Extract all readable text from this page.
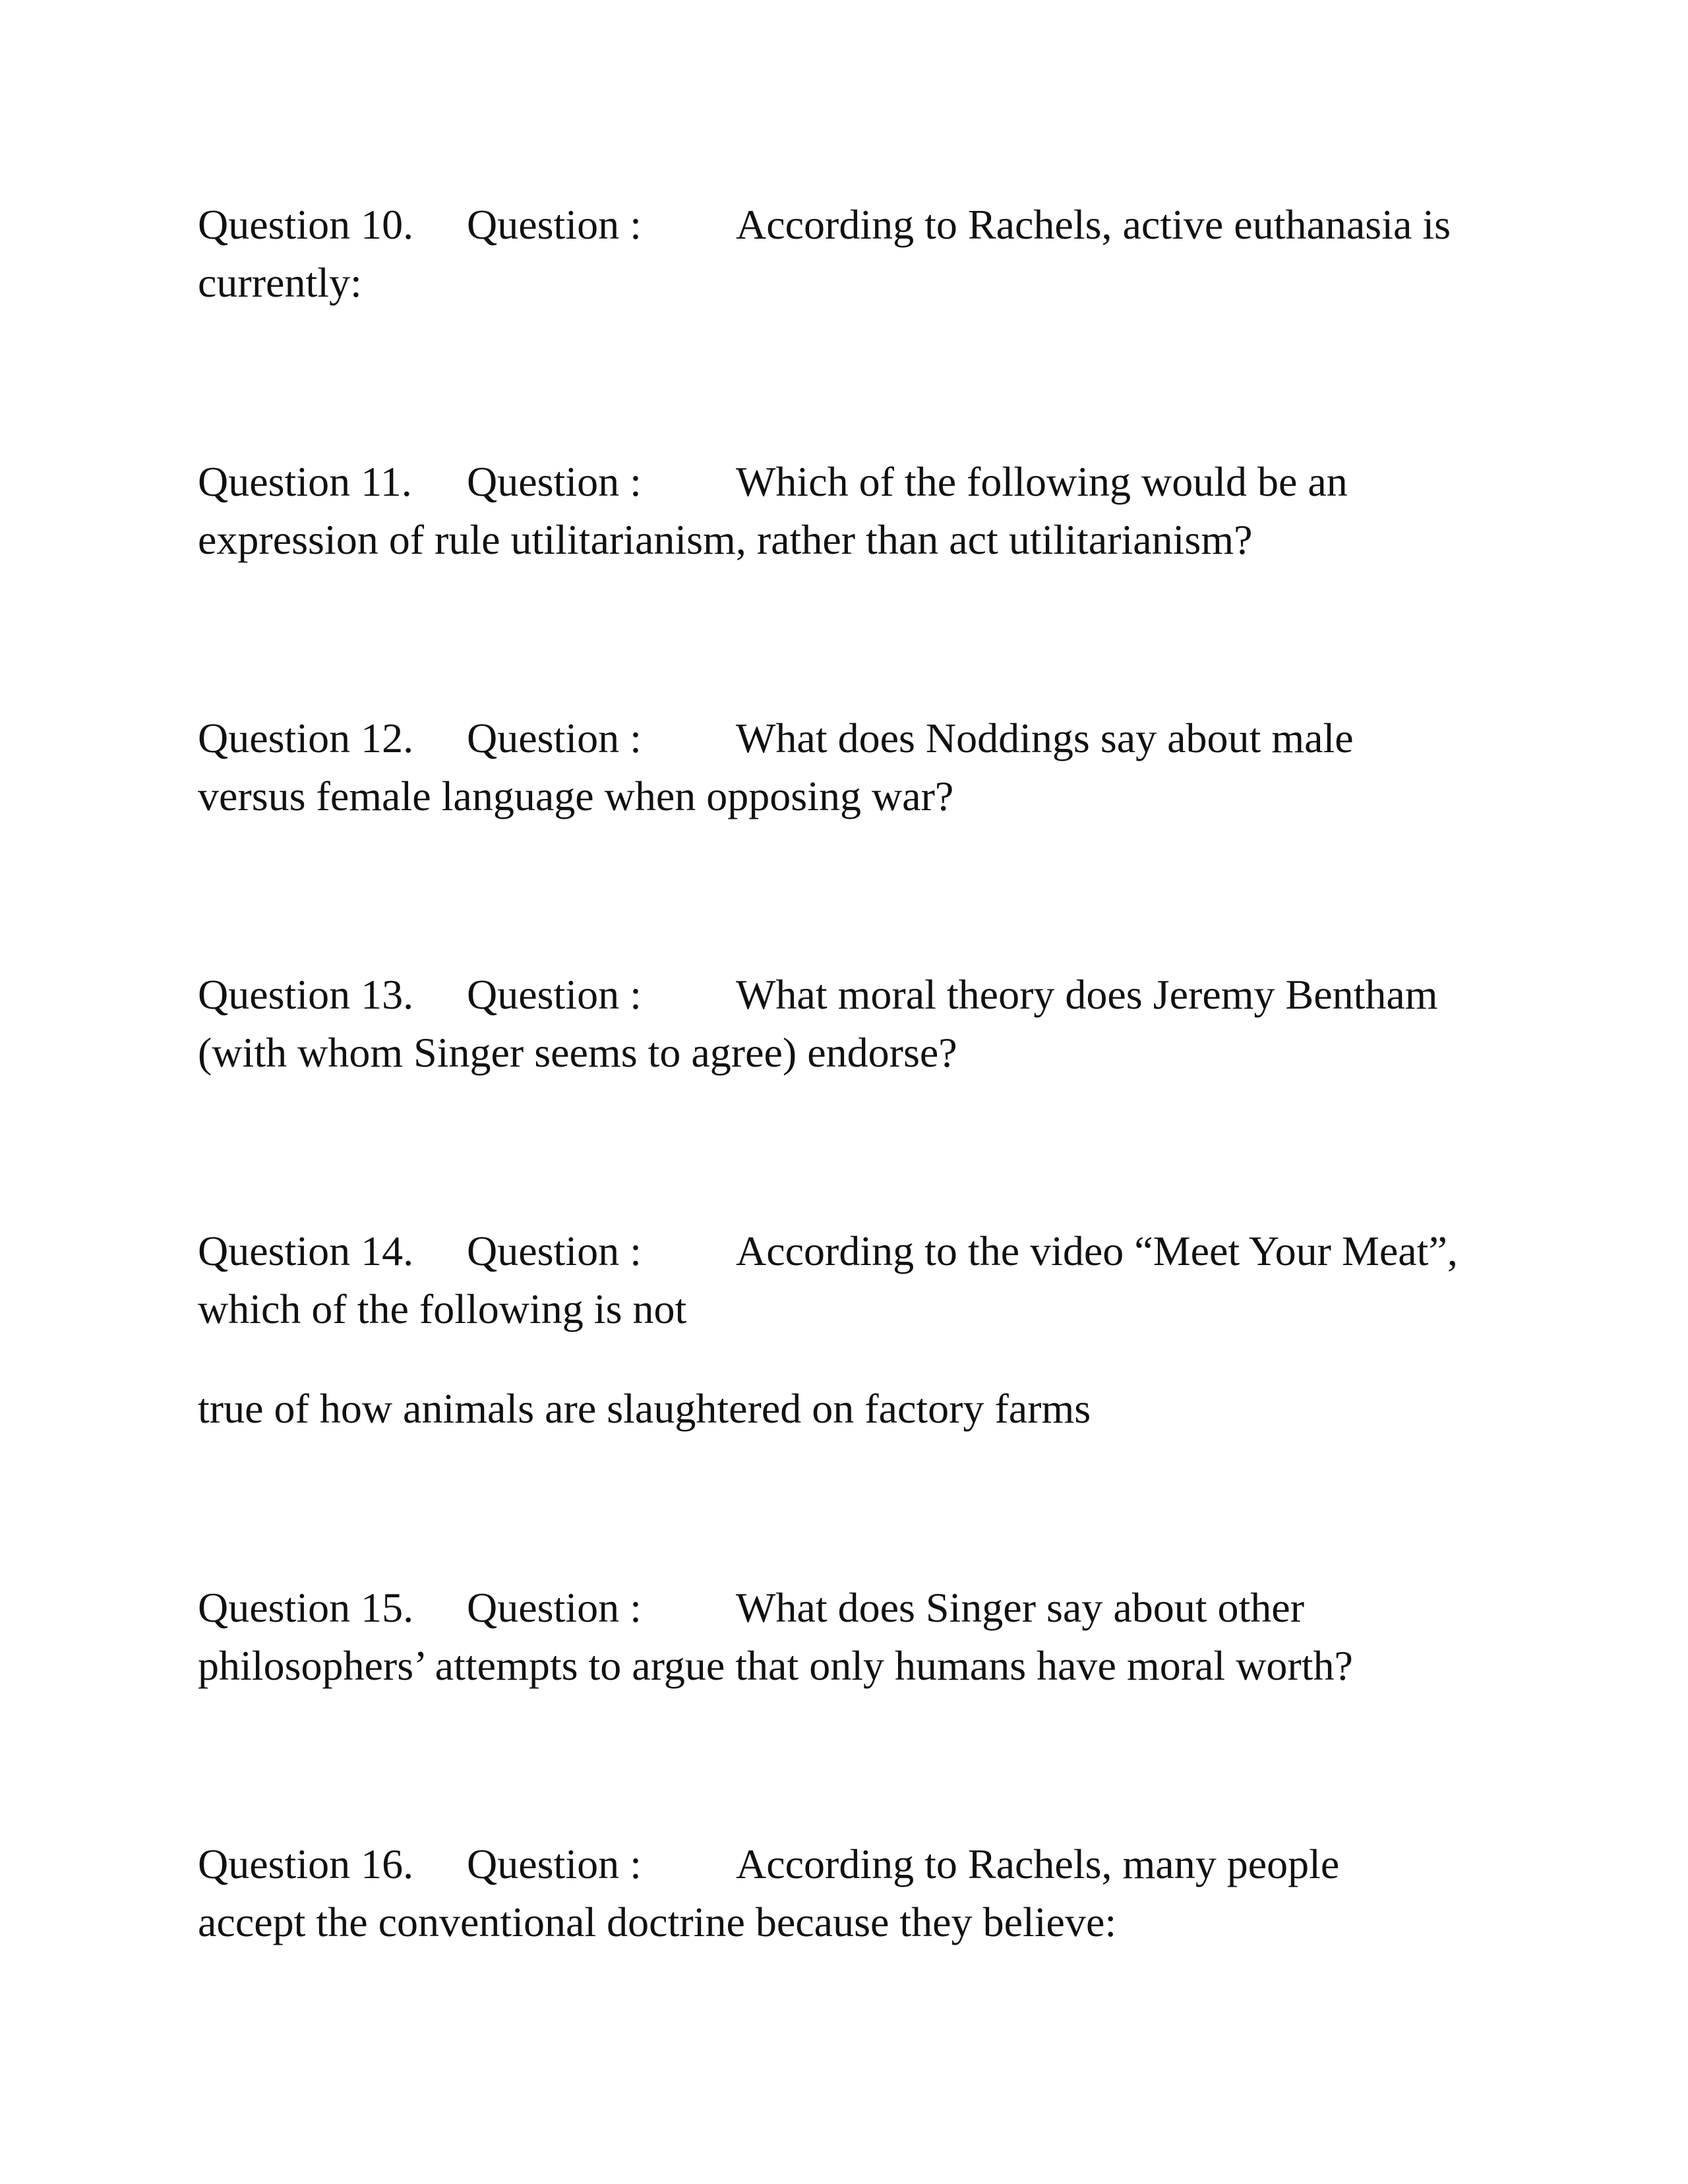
Question 10. Question : According to Rachels, active euthanasia is
currently:
Question 11. Question : Which of the following would be an
expression of rule utilitarianism, rather than act utilitarianism?
Question 12. Question : What does Noddings say about male
versus female language when opposing war?
Question 13. Question : What moral theory does Jeremy Bentham
(with whom Singer seems to agree) endorse?
Question 14. Question : According to the video “Meet Your Meat”,
which of the following is not
true of how animals are slaughtered on factory farms
Question 15. Question : What does Singer say about other
philosophers’ attempts to argue that only humans have moral worth?
Question 16. Question : According to Rachels, many people
accept the conventional doctrine because they believe:
